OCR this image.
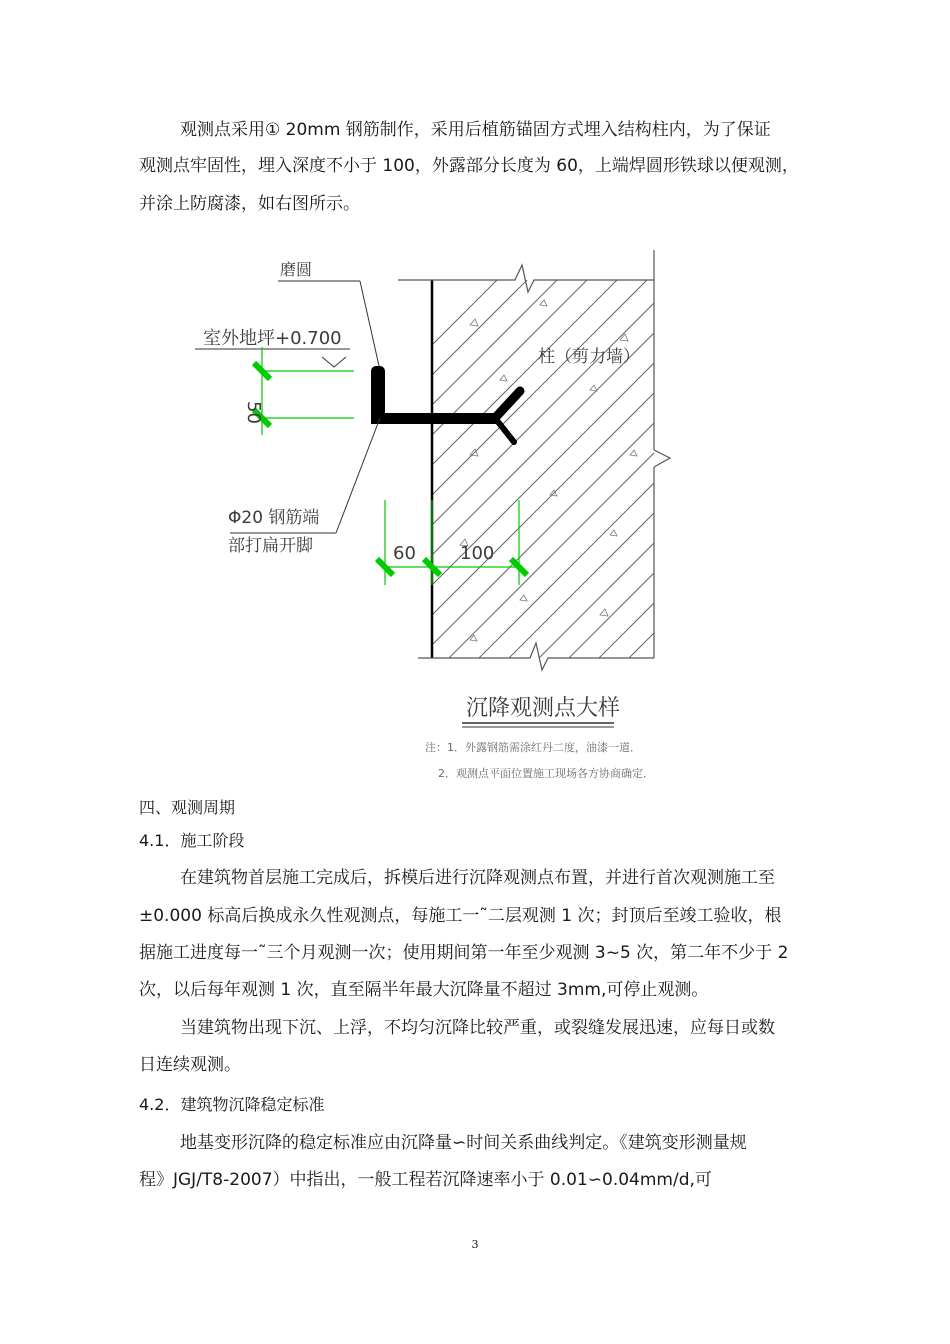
观测点采用① 20mm 钢筋制作，采用后植筋锚固方式埋入结构柱内，为了保证
观测点牢固性，埋入深度不小于 100，外露部分长度为 60，上端焊圆形铁球以便观测，
并涂上防腐漆，如右图所示。
磨圆
室外地坪+0.700
50
柱（剪力墙）
Φ20 钢筋端
部打扁开脚	60 100
沉降观测点大样
注：1．外露钢筋需涂红丹二度，油漆一道．
2．观测点平面位置施工现场各方协商确定．
四、观测周期
4.1．施工阶段
在建筑物首层施工完成后，拆模后进行沉降观测点布置，并进行首次观测施工至
±0.000 标高后换成永久性观测点，每施工一˜二层观测 1 次；封顶后至竣工验收，根
据施工进度每一˜三个月观测一次；使用期间第一年至少观测 3~5 次，第二年不少于 2
次，以后每年观测 1 次，直至隔半年最大沉降量不超过 3mm,可停止观测。
当建筑物出现下沉、上浮，不均匀沉降比较严重，或裂缝发展迅速，应每日或数
日连续观测。
4.2．建筑物沉降稳定标准
地基变形沉降的稳定标准应由沉降量∽时间关系曲线判定。《建筑变形测量规
程》JGJ/T8-2007）中指出，一般工程若沉降速率小于 0.01∽0.04mm/d,可
3
